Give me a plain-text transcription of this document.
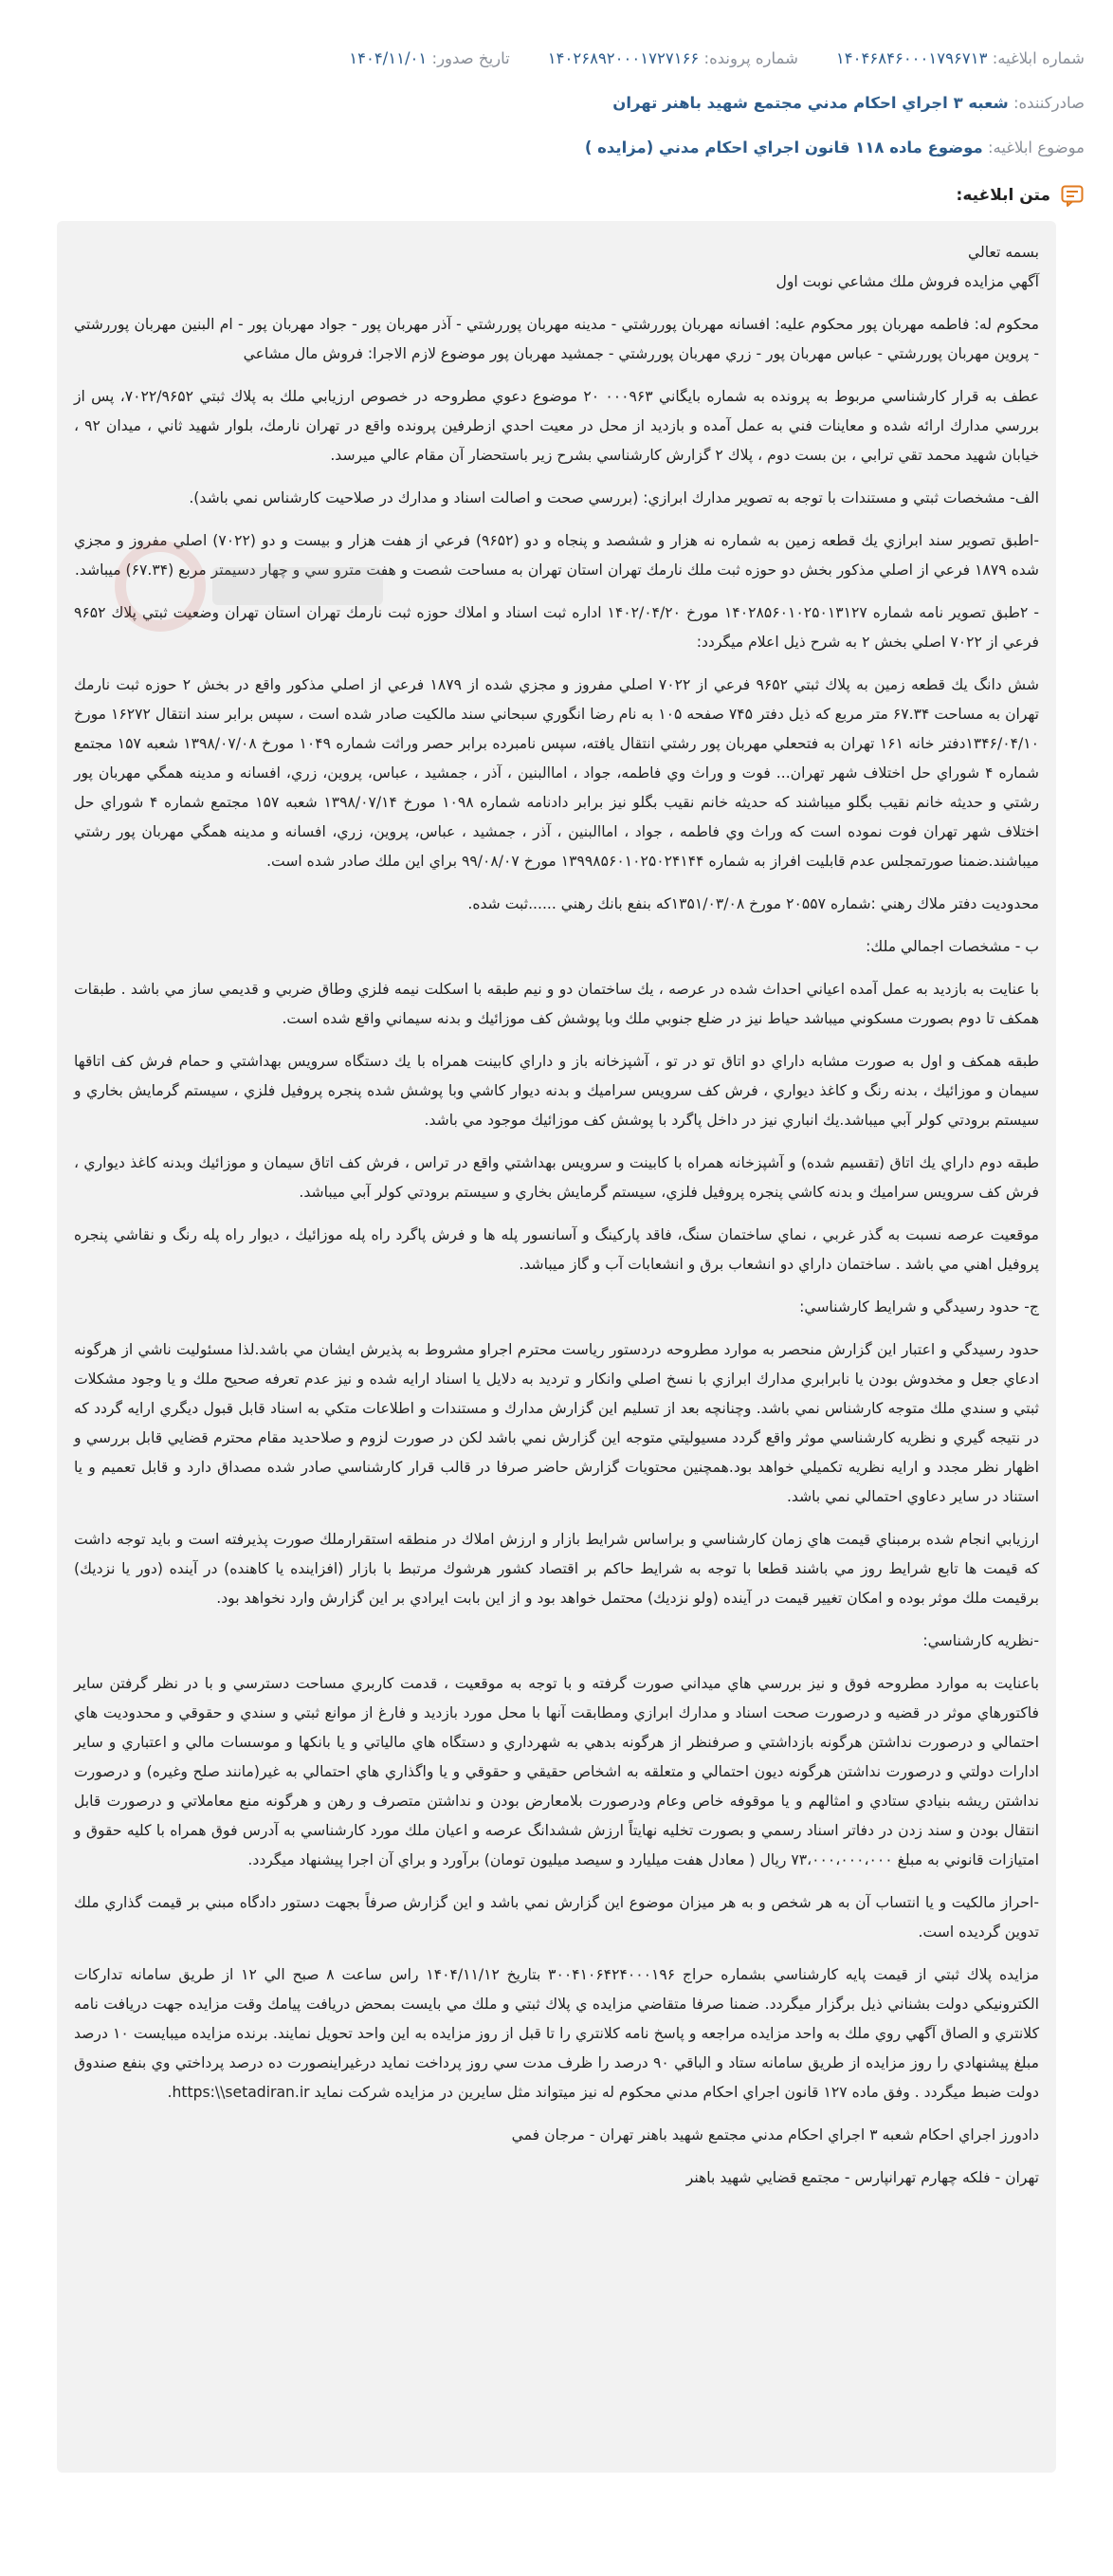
شماره ابلاغیه: ۱۴۰۴۶۸۴۶۰۰۰۱۷۹۶۷۱۳
شماره پرونده: ۱۴۰۲۶۸۹۲۰۰۰۱۷۲۷۱۶۶
تاریخ صدور: ۱۴۰۴/۱۱/۰۱
صادرکننده: شعبه ۳ اجراي احكام مدني مجتمع شهيد باهنر تهران
موضوع ابلاغیه: موضوع ماده ۱۱۸ قانون اجراي احكام مدني (مزايده )
متن ابلاغیه:

بسمه تعالي

آگهي مزايده فروش ملك مشاعي نوبت اول

محكوم له: فاطمه مهربان پور محكوم عليه: افسانه مهربان پوررشتي - مدينه مهربان پوررشتي - آذر مهربان پور - جواد مهربان پور - ام البنين مهربان پوررشتي - پروين مهربان پوررشتي - عباس مهربان پور - زري مهربان پوررشتي - جمشيد مهربان پور موضوع لازم الاجرا: فروش مال مشاعي

عطف به قرار كارشناسي مربوط به پرونده به شماره بايگاني ۰۰۰۹۶۳ ۲۰ موضوع دعوي مطروحه در خصوص ارزيابي ملك به پلاك ثبتي ۷۰۲۲/۹۶۵۲، پس از بررسي مدارك ارائه شده و معاينات فني به عمل آمده و بازديد از محل در معيت احدي ازطرفين پرونده واقع در تهران نارمك، بلوار شهيد ثاني ، ميدان ۹۲ ، خيابان شهيد محمد تقي ترابي ، بن بست دوم ، پلاك ۲ گزارش كارشناسي بشرح زير باستحضار آن مقام عالي ميرسد.

الف- مشخصات ثبتي و مستندات با توجه به تصوير مدارك ابرازي: (بررسي صحت و اصالت اسناد و مدارك در صلاحيت كارشناس نمي باشد).

-اطبق تصوير سند ابرازي يك قطعه زمين به شماره نه هزار و ششصد و پنجاه و دو (۹۶۵۲) فرعي از هفت هزار و بيست و دو (۷۰۲۲) اصلي مفروز و مجزي شده ۱۸۷۹ فرعي از اصلي مذكور بخش دو حوزه ثبت ملك نارمك تهران استان تهران به مساحت شصت و هفت مترو سي و چهار دسيمتر مربع (۶۷.۳۴) ميباشد.

- ۲طبق تصوير نامه شماره ۱۴۰۲۸۵۶۰۱۰۲۵۰۱۳۱۲۷ مورخ ۱۴۰۲/۰۴/۲۰ اداره ثبت اسناد و املاك حوزه ثبت نارمك تهران استان تهران وضعيت ثبتي پلاك ۹۶۵۲ فرعي از ۷۰۲۲ اصلي بخش ۲ به شرح ذيل اعلام ميگردد:

شش دانگ يك قطعه زمين به پلاك ثبتي ۹۶۵۲ فرعي از ۷۰۲۲ اصلي مفروز و مجزي شده از ۱۸۷۹ فرعي از اصلي مذكور واقع در بخش ۲ حوزه ثبت نارمك تهران به مساحت ۶۷.۳۴ متر مربع كه ذيل دفتر ۷۴۵ صفحه ۱۰۵ به نام رضا انگوري سبحاني سند مالكيت صادر شده است ، سپس برابر سند انتقال ۱۶۲۷۲ مورخ ۱۳۴۶/۰۴/۱۰دفتر خانه ۱۶۱ تهران به فتحعلي مهربان پور رشتي انتقال يافته، سپس نامبرده برابر حصر وراثت شماره ۱۰۴۹ مورخ ۱۳۹۸/۰۷/۰۸ شعبه ۱۵۷ مجتمع شماره ۴ شوراي حل اختلاف شهر تهران... فوت و وراث وي فاطمه، جواد ، اماالبنين ، آذر ، جمشيد ، عباس، پروين، زري، افسانه و مدينه همگي مهربان پور رشتي و حديثه خانم نقيب بگلو ميباشند كه حديثه خانم نقيب بگلو نيز برابر دادنامه شماره ۱۰۹۸ مورخ ۱۳۹۸/۰۷/۱۴ شعبه ۱۵۷ مجتمع شماره ۴ شوراي حل اختلاف شهر تهران فوت نموده است كه وراث وي فاطمه ، جواد ، اماالبنين ، آذر ، جمشيد ، عباس، پروين، زري، افسانه و مدينه همگي مهربان پور رشتي ميباشند.ضمنا صورتمجلس عدم قابليت افراز به شماره ۱۳۹۹۸۵۶۰۱۰۲۵۰۲۴۱۴۴ مورخ ۹۹/۰۸/۰۷ براي اين ملك صادر شده است.

محدوديت دفتر ملاك رهني :شماره ۲۰۵۵۷ مورخ ۱۳۵۱/۰۳/۰۸كه بنفع بانك رهني ......ثبت شده.

ب - مشخصات اجمالي ملك:

با عنايت به بازديد به عمل آمده اعياني احداث شده در عرصه ، يك ساختمان دو و نيم طبقه با اسكلت نيمه فلزي وطاق ضربي و قديمي ساز مي باشد . طبقات همكف تا دوم بصورت مسكوني ميباشد حياط نيز در ضلع جنوبي ملك وبا پوشش كف موزائيك و بدنه سيماني واقع شده است.

طبقه همكف و اول به صورت مشابه داراي دو اتاق تو در تو ، آشپزخانه باز و داراي كابينت همراه با يك دستگاه سرويس بهداشتي و حمام فرش كف اتاقها سيمان و موزائيك ، بدنه رنگ و كاغذ ديواري ، فرش كف سرويس سراميك و بدنه ديوار كاشي وبا پوشش شده پنجره پروفيل فلزي ، سيستم گرمايش بخاري و سيستم برودتي كولر آبي ميباشد.يك انباري نيز در داخل پاگرد با پوشش كف موزائيك موجود مي باشد.

طبقه دوم داراي يك اتاق (تقسيم شده) و آشپزخانه همراه با كابينت و سرويس بهداشتي واقع در تراس ، فرش كف اتاق سيمان و موزائيك وبدنه كاغذ ديواري ، فرش كف سرويس سراميك و بدنه كاشي پنجره پروفيل فلزي، سيستم گرمايش بخاري و سيستم برودتي كولر آبي ميباشد.

موقعيت عرصه نسبت به گذر غربي ، نماي ساختمان سنگ، فاقد پاركينگ و آسانسور پله ها و فرش پاگرد راه پله موزائيك ، ديوار راه پله رنگ و نقاشي پنجره پروفيل اهني مي باشد . ساختمان داراي دو انشعاب برق و انشعابات آب و گاز ميباشد.

ج- حدود رسيدگي و شرايط كارشناسي:

حدود رسيدگي و اعتبار اين گزارش منحصر به موارد مطروحه دردستور رياست محترم اجراو مشروط به پذيرش ايشان مي باشد.لذا مسئوليت ناشي از هرگونه ادعاي جعل و مخدوش بودن يا نابرابري مدارك ابرازي با نسخ اصلي وانكار و ترديد به دلايل يا اسناد ارايه شده و نيز عدم تعرفه صحيح ملك و يا وجود مشكلات ثبتي و سندي ملك متوجه كارشناس نمي باشد. وچنانچه بعد از تسليم اين گزارش مدارك و مستندات و اطلاعات متكي به اسناد قابل قبول ديگري ارايه گردد كه در نتيجه گيري و نظريه كارشناسي موثر واقع گردد مسيوليتي متوجه اين گزارش نمي باشد لكن در صورت لزوم و صلاحديد مقام محترم قضايي قابل بررسي و اظهار نظر مجدد و ارايه نظريه تكميلي خواهد بود.همچنين محتويات گزارش حاضر صرفا در قالب قرار كارشناسي صادر شده مصداق دارد و قابل تعميم و يا استناد در ساير دعاوي احتمالي نمي باشد.

ارزيابي انجام شده برمبناي قيمت هاي زمان كارشناسي و براساس شرايط بازار و ارزش املاك در منطقه استقرارملك صورت پذيرفته است و بايد توجه داشت كه قيمت ها تابع شرايط روز مي باشند قطعا با توجه به شرايط حاكم بر اقتصاد كشور هرشوك مرتبط با بازار (افزاينده يا كاهنده) در آينده (دور يا نزديك) برقيمت ملك موثر بوده و امكان تغيير قيمت در آينده (ولو نزديك) محتمل خواهد بود و از اين بابت ايرادي بر اين گزارش وارد نخواهد بود.

-نظريه كارشناسي:

باعنايت به موارد مطروحه فوق و نيز بررسي هاي ميداني صورت گرفته و با توجه به موقعيت ، قدمت كاربري مساحت دسترسي و با در نظر گرفتن ساير فاكتورهاي موثر در قضيه و درصورت صحت اسناد و مدارك ابرازي ومطابقت آنها با محل مورد بازديد و فارغ از موانع ثبتي و سندي و حقوقي و محدوديت هاي احتمالي و درصورت نداشتن هرگونه بازداشتي و صرفنظر از هرگونه بدهي به شهرداري و دستگاه هاي مالياتي و يا بانكها و موسسات مالي و اعتباري و ساير ادارات دولتي و درصورت نداشتن هرگونه ديون احتمالي و متعلقه به اشخاص حقيقي و حقوقي و يا واگذاري هاي احتمالي به غير(مانند صلح وغيره) و درصورت نداشتن ريشه بنيادي ستادي و امثالهم و يا موقوفه خاص وعام ودرصورت بلامعارض بودن و نداشتن متصرف و رهن و هرگونه منع معاملاتي و درصورت قابل انتقال بودن و سند زدن در دفاتر اسناد رسمي و بصورت تخليه نهايتاً ارزش ششدانگ عرصه و اعيان ملك مورد كارشناسي به آدرس فوق همراه با كليه حقوق و امتيازات قانوني به مبلغ ۷۳،۰۰۰،۰۰۰،۰۰۰ ريال ( معادل هفت ميليارد و سيصد ميليون تومان) برآورد و براي آن اجرا پيشنهاد ميگردد.

-احراز مالكيت و يا انتساب آن به هر شخص و به هر ميزان موضوع اين گزارش نمي باشد و اين گزارش صرفاً بجهت دستور دادگاه مبني بر قيمت گذاري ملك تدوين گرديده است.

مزايده پلاك ثبتي از قيمت پايه كارشناسي بشماره حراج ۳۰۰۴۱۰۶۴۲۴۰۰۰۱۹۶ بتاريخ ۱۴۰۴/۱۱/۱۲ راس ساعت ۸ صبح الي ۱۲ از طريق سامانه تداركات الكترونيكي دولت بشناني ذيل برگزار ميگردد. ضمنا صرفا متقاضي مزايده ي پلاك ثبتي و ملك مي بايست بمحض دريافت پيامك وقت مزايده جهت دريافت نامه كلانتري و الصاق آگهي روي ملك به واحد مزايده مراجعه و پاسخ نامه كلانتري را تا قبل از روز مزايده به اين واحد تحويل نمايند. برنده مزايده ميبايست ۱۰ درصد مبلغ پيشنهادي را روز مزايده از طريق سامانه ستاد و الباقي ۹۰ درصد را ظرف مدت سي روز پرداخت نمايد درغيراينصورت ده درصد پرداختي وي بنفع صندوق دولت ضبط ميگردد . وفق ماده ۱۲۷ قانون اجراي احكام مدني محكوم له نيز ميتواند مثل سايرين در مزايده شركت نمايد https:\\setadiran.ir.

دادورز اجراي احكام شعبه ۳ اجراي احكام مدني مجتمع شهيد باهنر تهران - مرجان فمي

تهران - فلكه چهارم تهرانپارس - مجتمع قضايي شهيد باهنر
